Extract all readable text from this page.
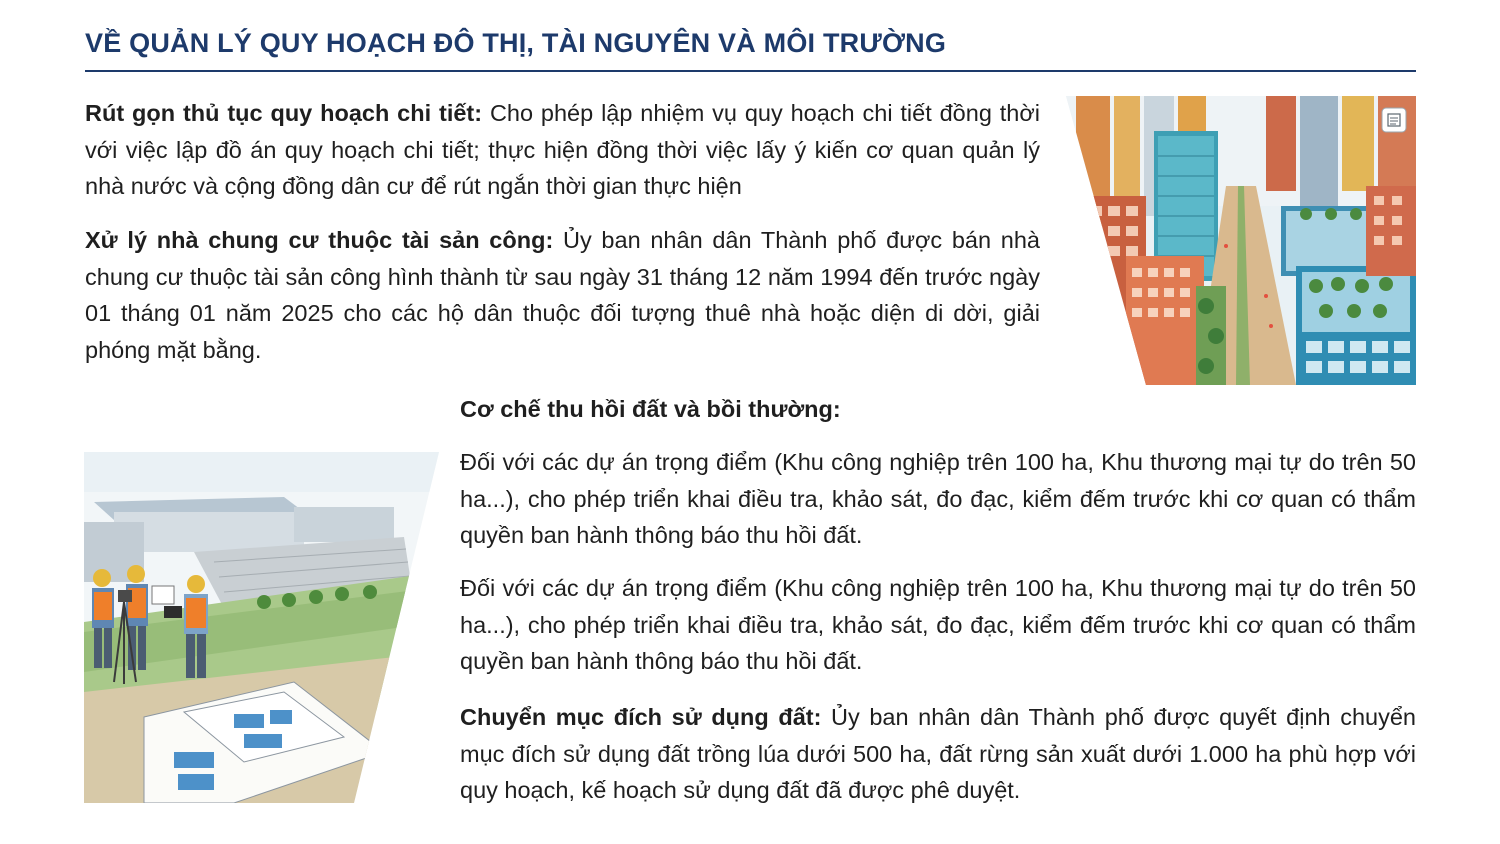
VỀ QUẢN LÝ QUY HOẠCH ĐÔ THỊ, TÀI NGUYÊN VÀ MÔI TRƯỜNG

Rút gọn thủ tục quy hoạch chi tiết: Cho phép lập nhiệm vụ quy hoạch chi tiết đồng thời với việc lập đồ án quy hoạch chi tiết; thực hiện đồng thời việc lấy ý kiến cơ quan quản lý nhà nước và cộng đồng dân cư để rút ngắn thời gian thực hiện

Xử lý nhà chung cư thuộc tài sản công: Ủy ban nhân dân Thành phố được bán nhà chung cư thuộc tài sản công hình thành từ sau ngày 31 tháng 12 năm 1994 đến trước ngày 01 tháng 01 năm 2025 cho các hộ dân thuộc đối tượng thuê nhà hoặc diện di dời, giải phóng mặt bằng.

Cơ chế thu hồi đất và bồi thường:

Đối với các dự án trọng điểm (Khu công nghiệp trên 100 ha, Khu thương mại tự do trên 50 ha...), cho phép triển khai điều tra, khảo sát, đo đạc, kiểm đếm trước khi cơ quan có thẩm quyền ban hành thông báo thu hồi đất.

Đối với các dự án trọng điểm (Khu công nghiệp trên 100 ha, Khu thương mại tự do trên 50 ha...), cho phép triển khai điều tra, khảo sát, đo đạc, kiểm đếm trước khi cơ quan có thẩm quyền ban hành thông báo thu hồi đất.

Chuyển mục đích sử dụng đất: Ủy ban nhân dân Thành phố được quyết định chuyển mục đích sử dụng đất trồng lúa dưới 500 ha, đất rừng sản xuất dưới 1.000 ha phù hợp với quy hoạch, kế hoạch sử dụng đất đã được phê duyệt.
